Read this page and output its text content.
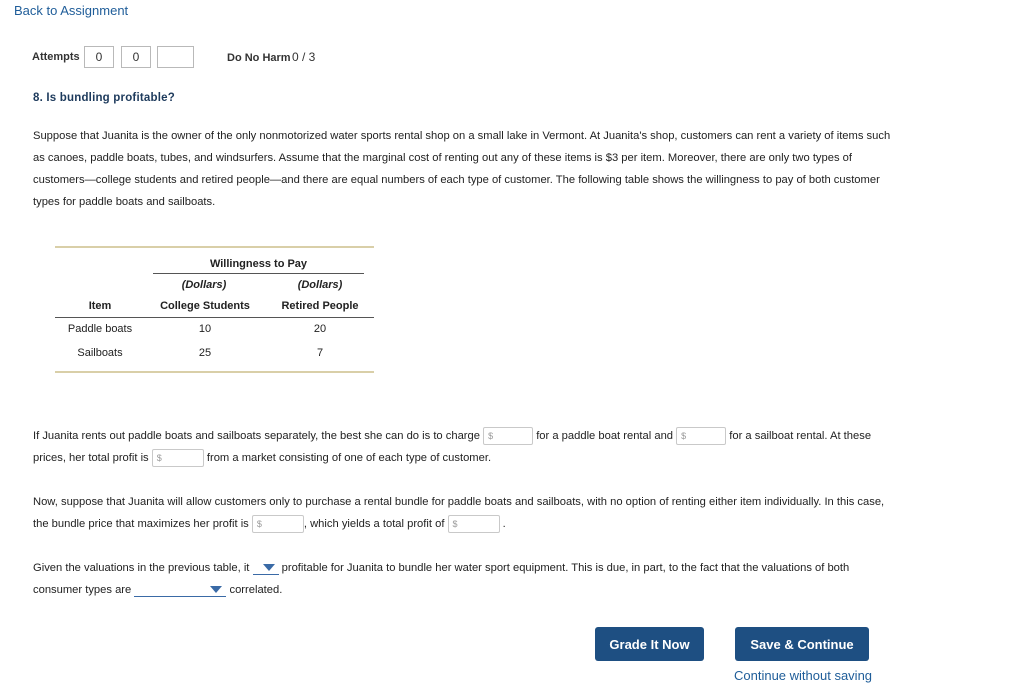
Back to Assignment
Attempts	0	0	Do No Harm 0 / 3
8. Is bundling profitable?
Suppose that Juanita is the owner of the only nonmotorized water sports rental shop on a small lake in Vermont. At Juanita's shop, customers can rent a variety of items such as canoes, paddle boats, tubes, and windsurfers. Assume that the marginal cost of renting out any of these items is $3 per item. Moreover, there are only two types of customers—college students and retired people—and there are equal numbers of each type of customer. The following table shows the willingness to pay of both customer types for paddle boats and sailboats.
Willingness to Pay
(Dollars)	(Dollars)
Item	College Students	Retired People
Paddle boats	10	20
Sailboats	25	7
If Juanita rents out paddle boats and sailboats separately, the best she can do is to charge $	for a paddle boat rental and $	for a sailboat rental. At these prices, her total profit is $	from a market consisting of one of each type of customer.
Now, suppose that Juanita will allow customers only to purchase a rental bundle for paddle boats and sailboats, with no option of renting either item individually. In this case, the bundle price that maximizes her profit is $	, which yields a total profit of $	.
Given the valuations in the previous table, it	profitable for Juanita to bundle her water sport equipment. This is due, in part, to the fact that the valuations of both consumer types are	correlated.
Grade It Now	Save & Continue
Continue without saving
